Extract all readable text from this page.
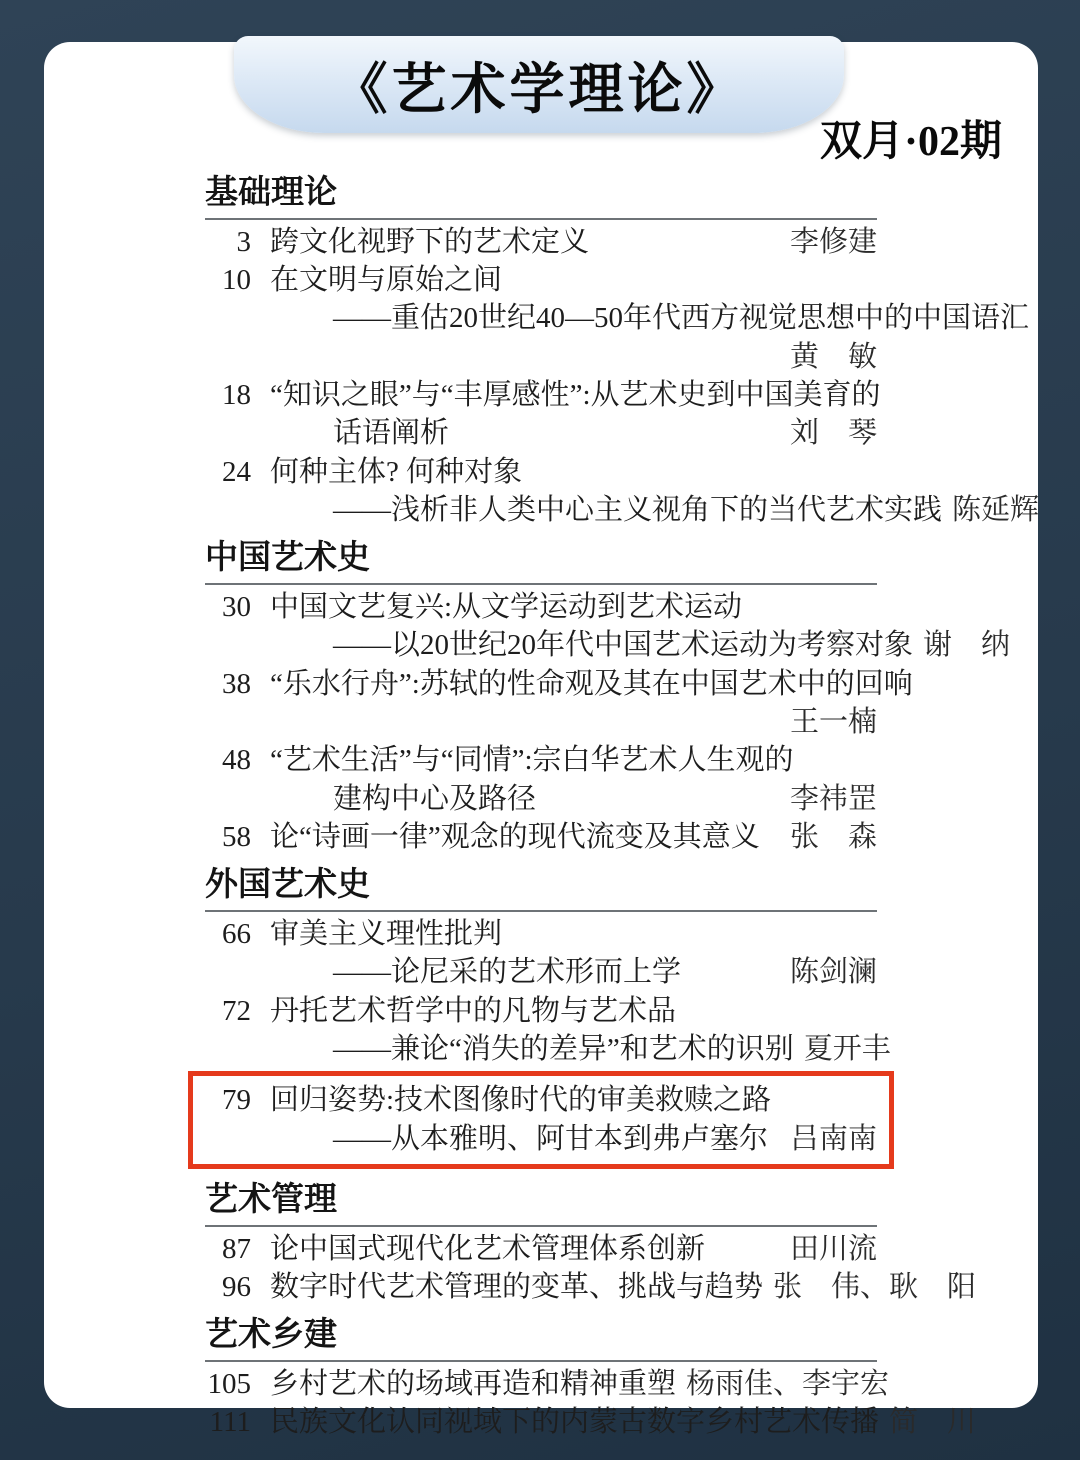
《艺术学理论》
双月·02期
基础理论
3 跨文化视野下的艺术定义	李修建
10 在文明与原始之间
——重估20世纪40—50年代西方视觉思想中的中国语汇
黄　敏
18 “知识之眼”与“丰厚感性”:从艺术史到中国美育的
话语阐析	刘　琴
24 何种主体? 何种对象
——浅析非人类中心主义视角下的当代艺术实践 陈延辉
中国艺术史
30 中国文艺复兴:从文学运动到艺术运动
——以20世纪20年代中国艺术运动为考察对象 谢　纳
38 “乐水行舟”:苏轼的性命观及其在中国艺术中的回响
王一楠
48 “艺术生活”与“同情”:宗白华艺术人生观的
建构中心及路径	李祎罡
58 论“诗画一律”观念的现代流变及其意义	张　森
外国艺术史
66 审美主义理性批判
——论尼采的艺术形而上学	陈剑澜
72 丹托艺术哲学中的凡物与艺术品
——兼论“消失的差异”和艺术的识别 夏开丰
79 回归姿势:技术图像时代的审美救赎之路
——从本雅明、阿甘本到弗卢塞尔 吕南南
艺术管理
87 论中国式现代化艺术管理体系创新	田川流
96 数字时代艺术管理的变革、挑战与趋势 张　伟、耿　阳
艺术乡建
105 乡村艺术的场域再造和精神重塑 杨雨佳、李宇宏
111 民族文化认同视域下的内蒙古数字乡村艺术传播 简　川
